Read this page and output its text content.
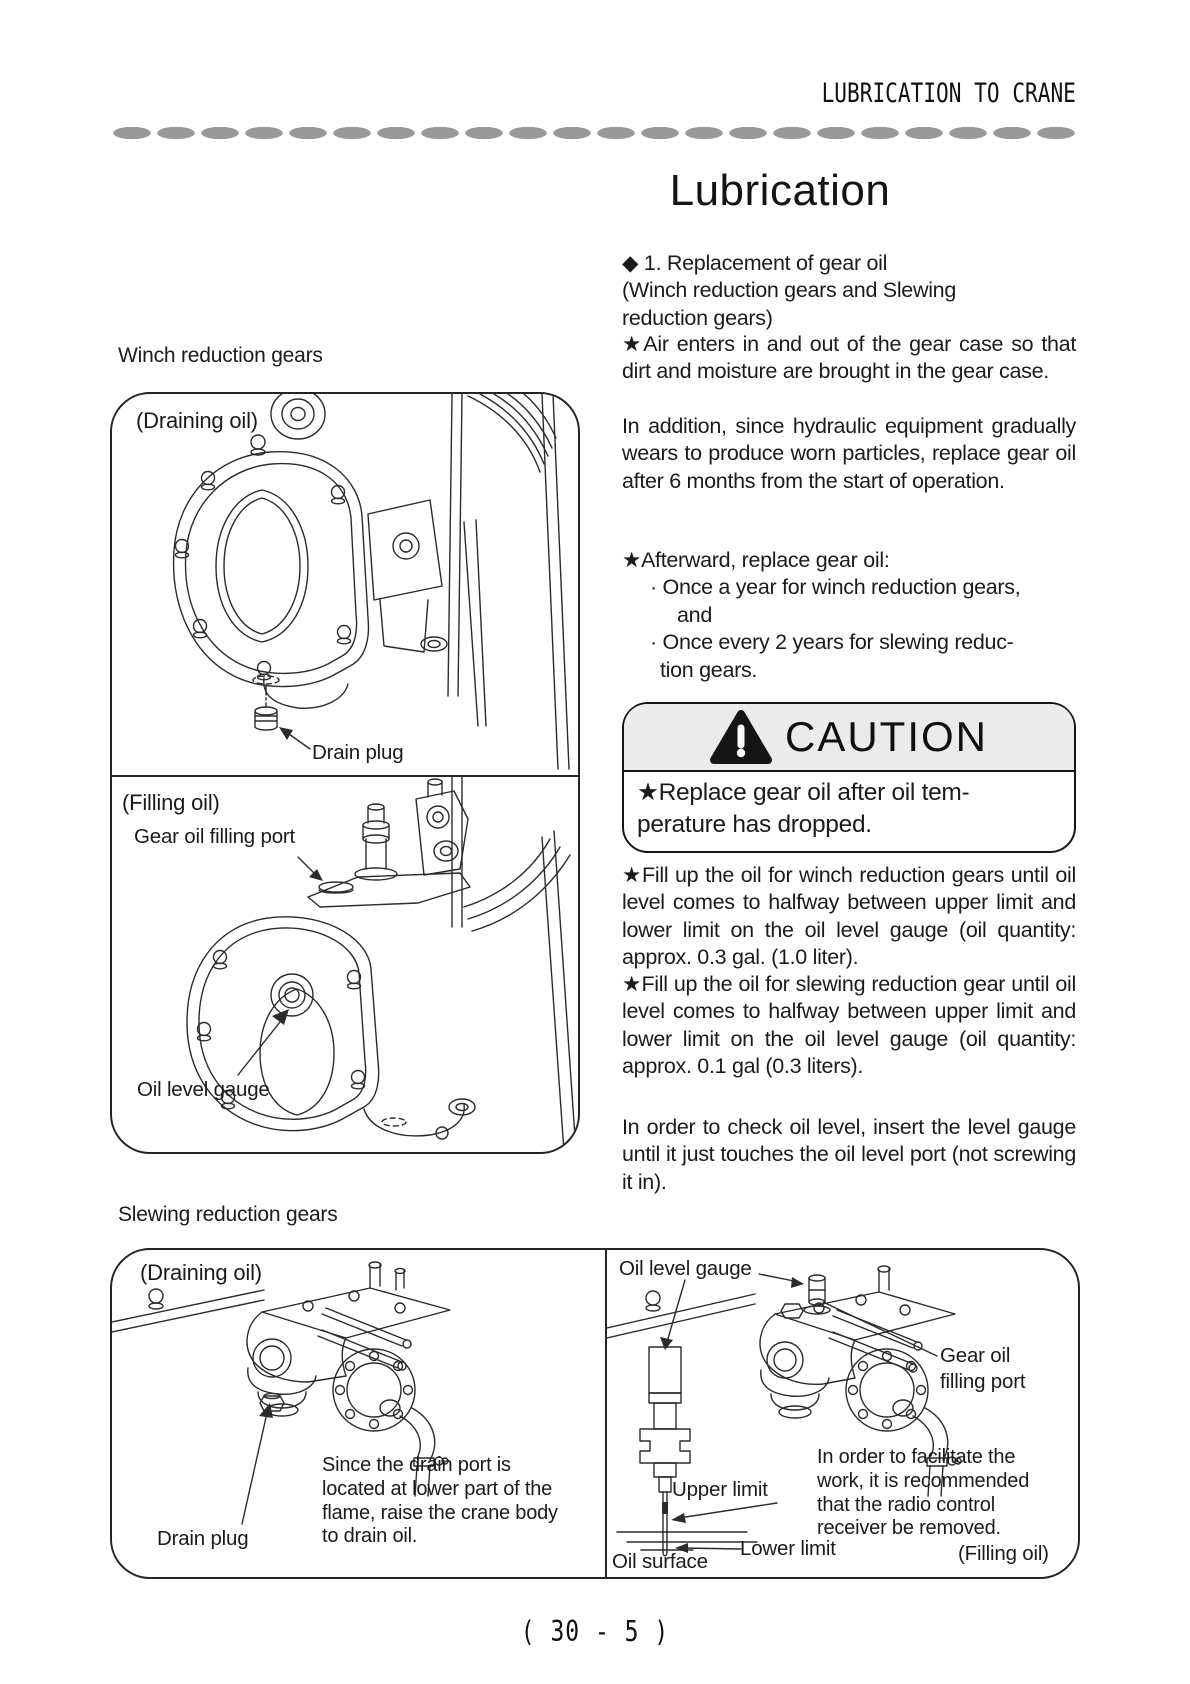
LUBRICATION TO CRANE
Lubrication
Winch reduction gears
(Draining oil)
Drain plug
(Filling oil)
Gear oil filling port
Oil level gauge
◆ 1. Replacement of gear oil
(Winch reduction gears and Slewing
reduction gears)
★Air enters in and out of the gear case so that dirt and moisture are brought in the gear case.
In addition, since hydraulic equipment gradually wears to produce worn particles, replace gear oil after 6 months from the start of operation.
★Afterward, replace gear oil:
· Once a year for winch reduction gears,
and
· Once every 2 years for slewing reduc-
tion gears.
CAUTION
★Replace gear oil after oil tem-
perature has dropped.
★Fill up the oil for winch reduction gears until oil level comes to halfway between upper limit and lower limit on the oil level gauge (oil quantity: approx. 0.3 gal. (1.0 liter).
★Fill up the oil for slewing reduction gear until oil level comes to halfway between upper limit and lower limit on the oil level gauge (oil quantity: approx. 0.1 gal (0.3 liters).
In order to check oil level, insert the level gauge until it just touches the oil level port (not screwing it in).
Slewing reduction gears
(Draining oil)
Since the drain port is located at lower part of the flame, raise the crane body to drain oil.
Drain plug
Oil level gauge
Gear oil
filling port
In order to facilitate the work, it is recommended that the radio control receiver be removed.
Upper limit
Lower limit
Oil surface	(Filling oil)
( 30 - 5 )
